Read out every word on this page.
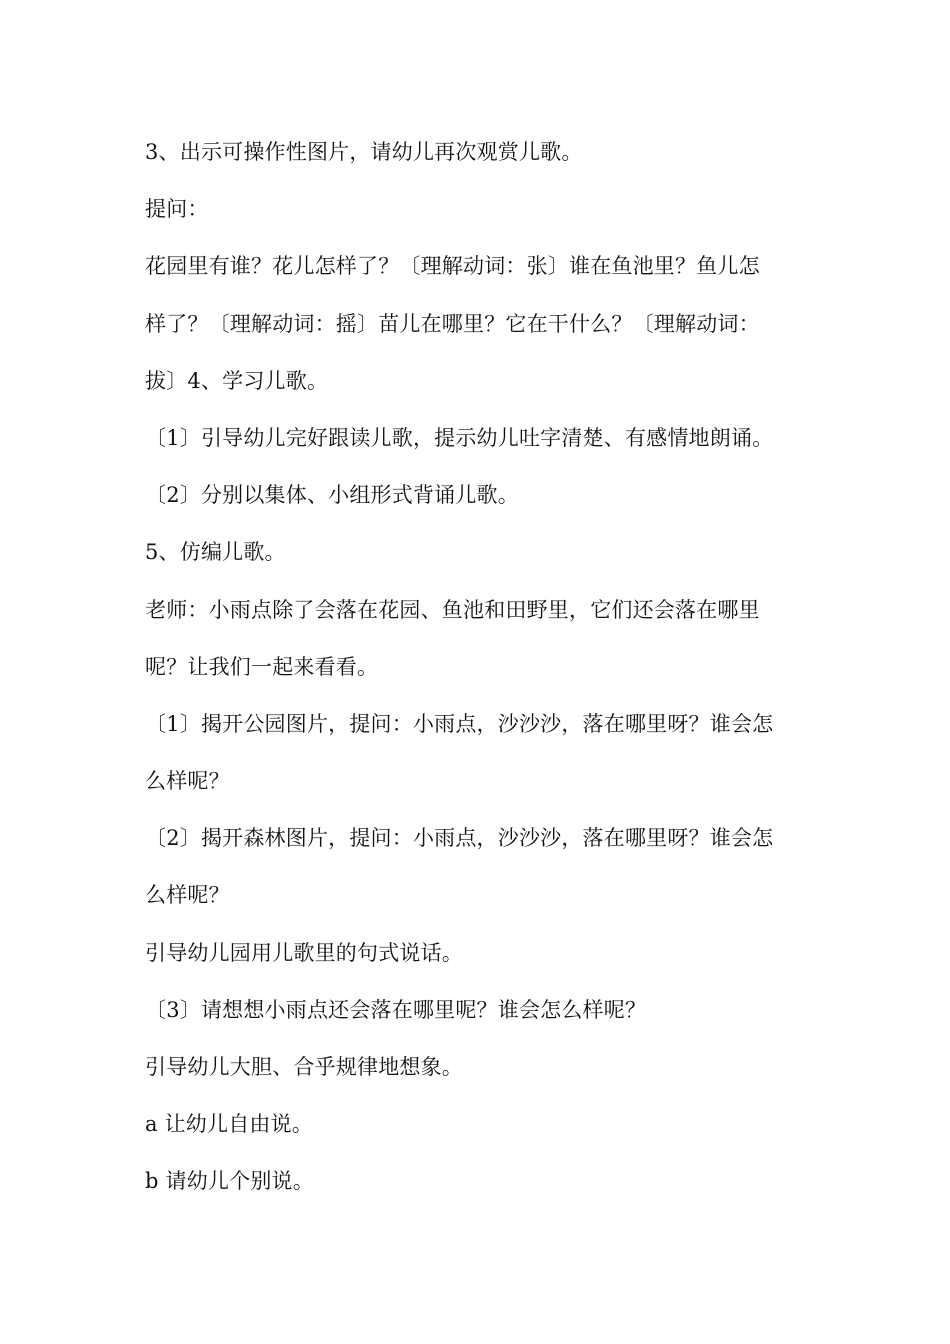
3、出示可操作性图片，请幼儿再次观赏儿歌。
提问：
花园里有谁？花儿怎样了？〔理解动词：张〕谁在鱼池里？鱼儿怎
样了？〔理解动词：摇〕苗儿在哪里？它在干什么？〔理解动词：
拔〕4、学习儿歌。
〔1〕引导幼儿完好跟读儿歌，提示幼儿吐字清楚、有感情地朗诵。
〔2〕分别以集体、小组形式背诵儿歌。
5、仿编儿歌。
老师：小雨点除了会落在花园、鱼池和田野里，它们还会落在哪里
呢？让我们一起来看看。
〔1〕揭开公园图片，提问：小雨点，沙沙沙，落在哪里呀？谁会怎
么样呢？
〔2〕揭开森林图片，提问：小雨点，沙沙沙，落在哪里呀？谁会怎
么样呢？
引导幼儿园用儿歌里的句式说话。
〔3〕请想想小雨点还会落在哪里呢？谁会怎么样呢？
引导幼儿大胆、合乎规律地想象。
a 让幼儿自由说。
b 请幼儿个别说。
